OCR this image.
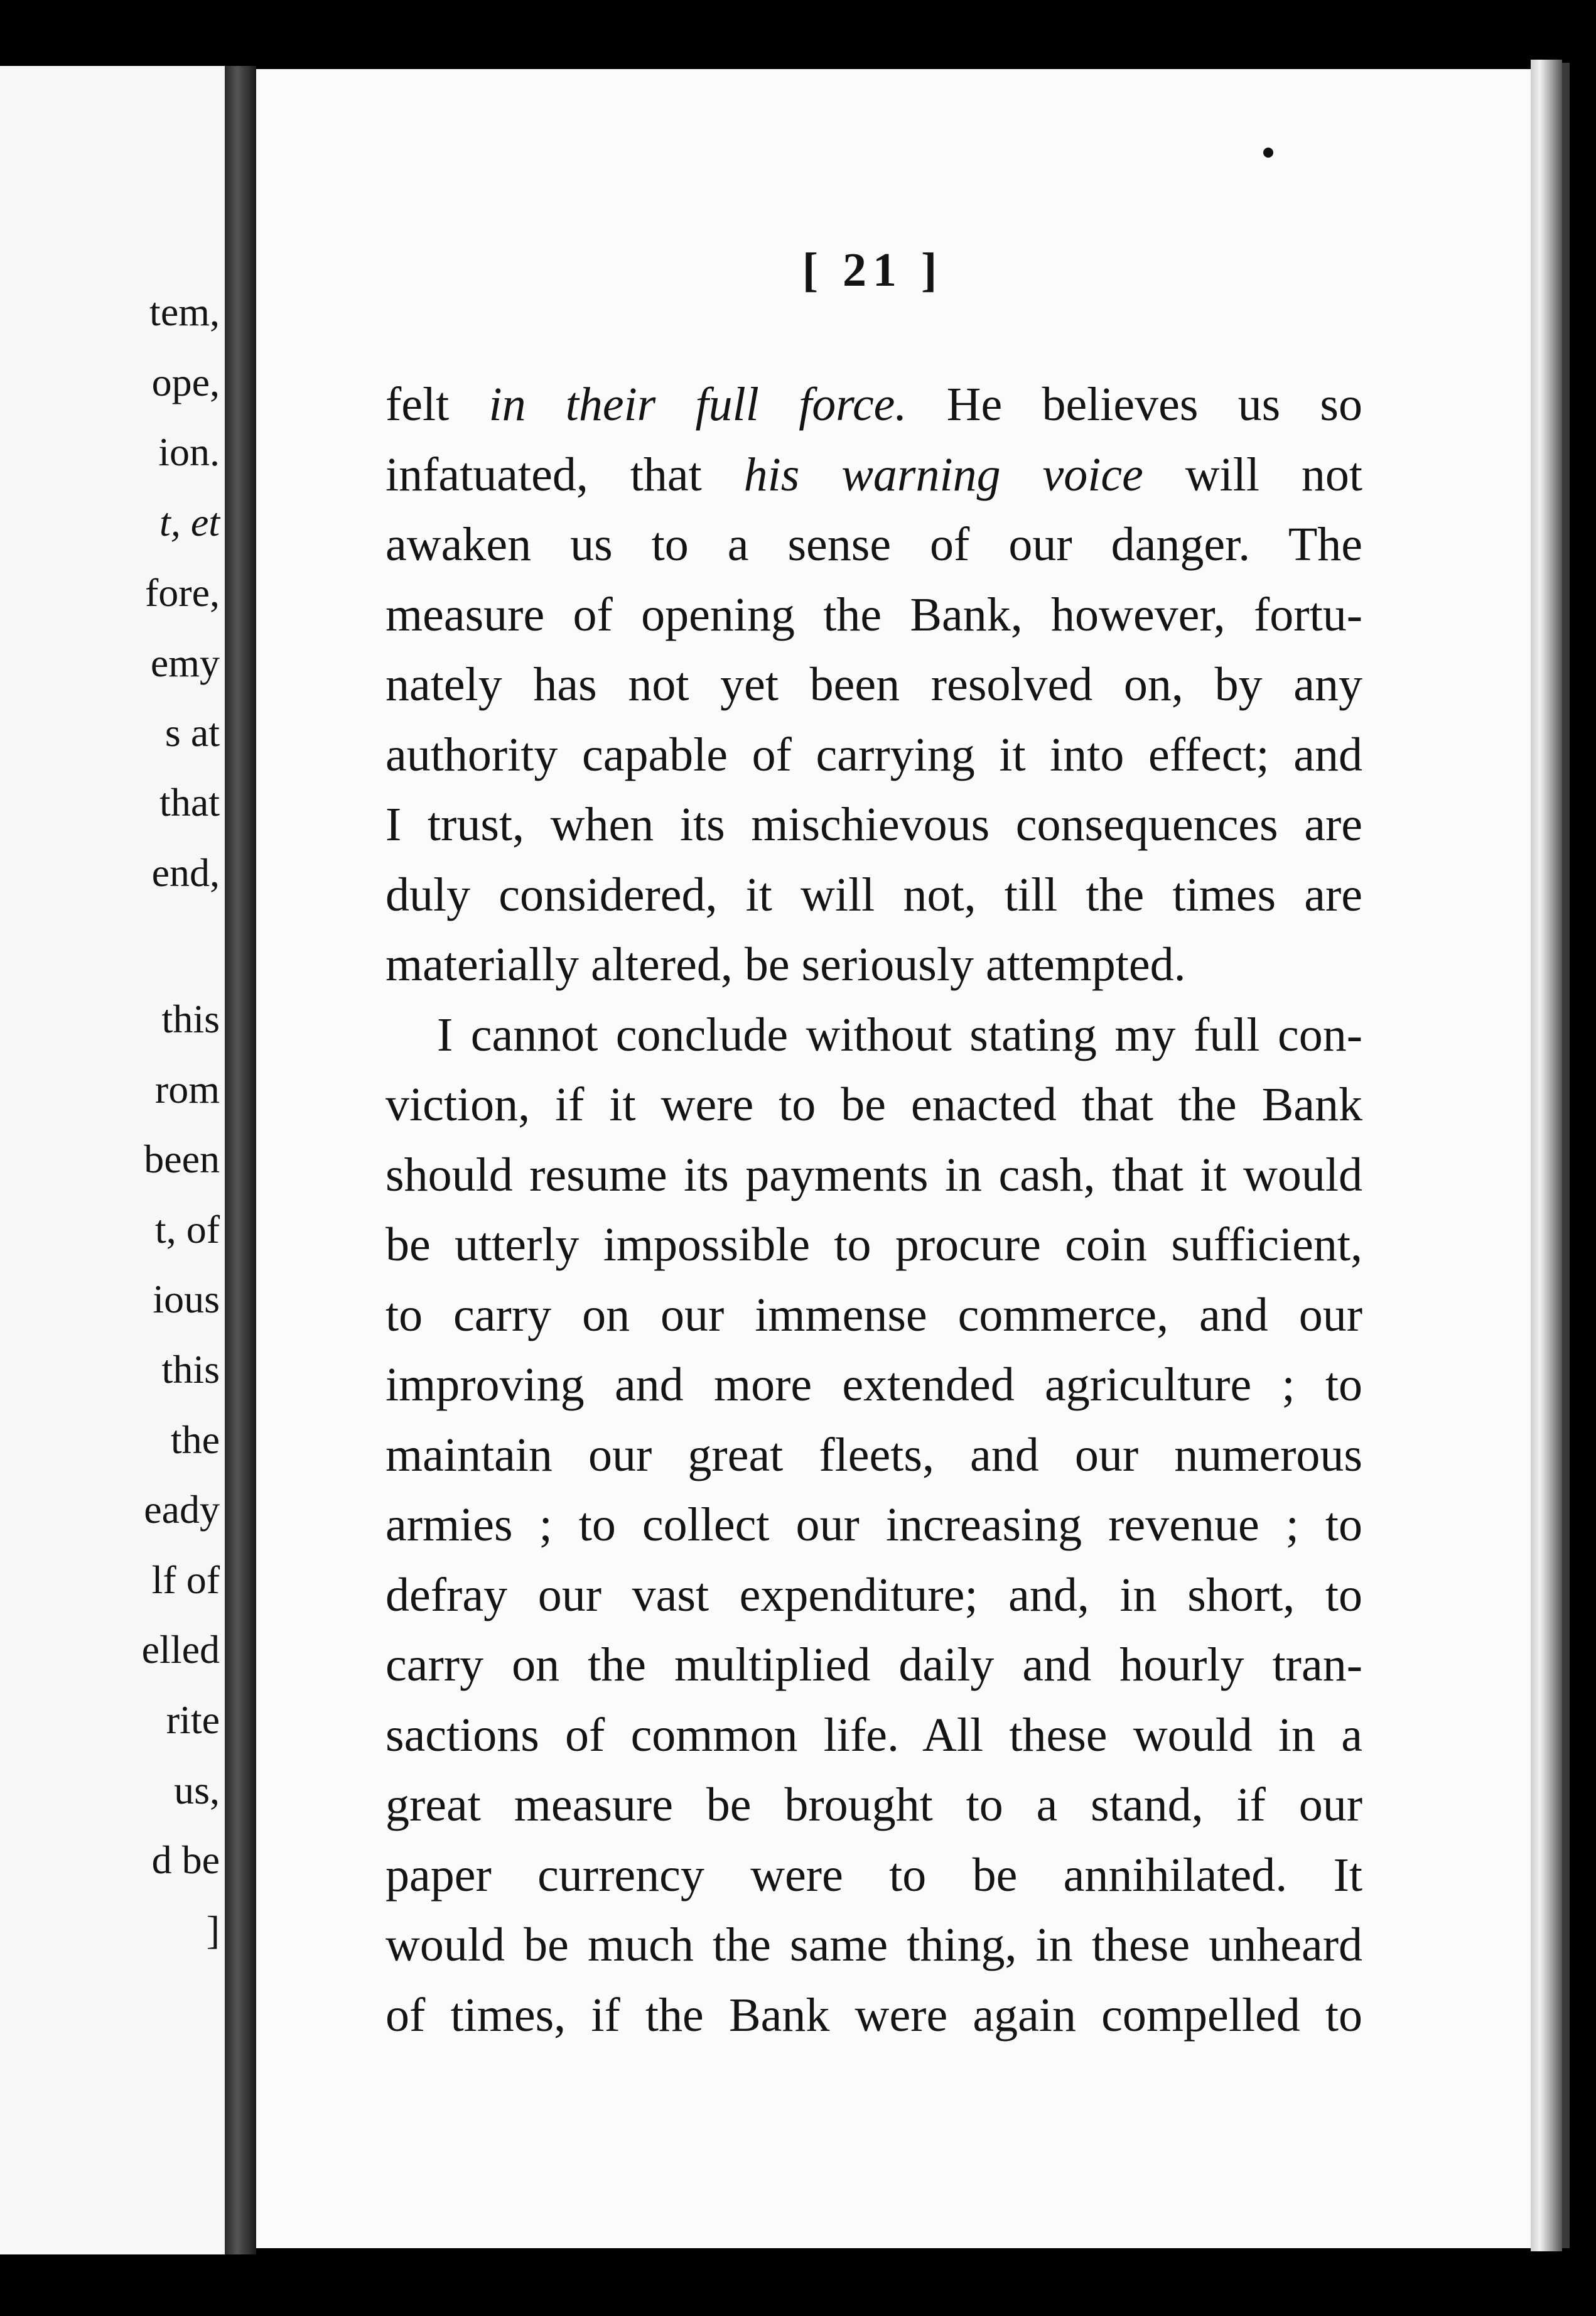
tem,
ope,
ion.
t, et
fore,
emy
s at
that
end,
this
rom
been
t, of
ious
this
the
eady
lf of
elled
rite
us,
d be
]
[ 21 ]
felt in their full force. He believes us so
infatuated, that his warning voice will not
awaken us to a sense of our danger. The
measure of opening the Bank, however, fortu-
nately has not yet been resolved on, by any
authority capable of carrying it into effect; and
I trust, when its mischievous consequences are
duly considered, it will not, till the times are
materially altered, be seriously attempted.
I cannot conclude without stating my full con-
viction, if it were to be enacted that the Bank
should resume its payments in cash, that it would
be utterly impossible to procure coin sufficient,
to carry on our immense commerce, and our
improving and more extended agriculture ; to
maintain our great fleets, and our numerous
armies ; to collect our increasing revenue ; to
defray our vast expenditure; and, in short, to
carry on the multiplied daily and hourly tran-
sactions of common life. All these would in a
great measure be brought to a stand, if our
paper currency were to be annihilated. It
would be much the same thing, in these unheard
of times, if the Bank were again compelled to
